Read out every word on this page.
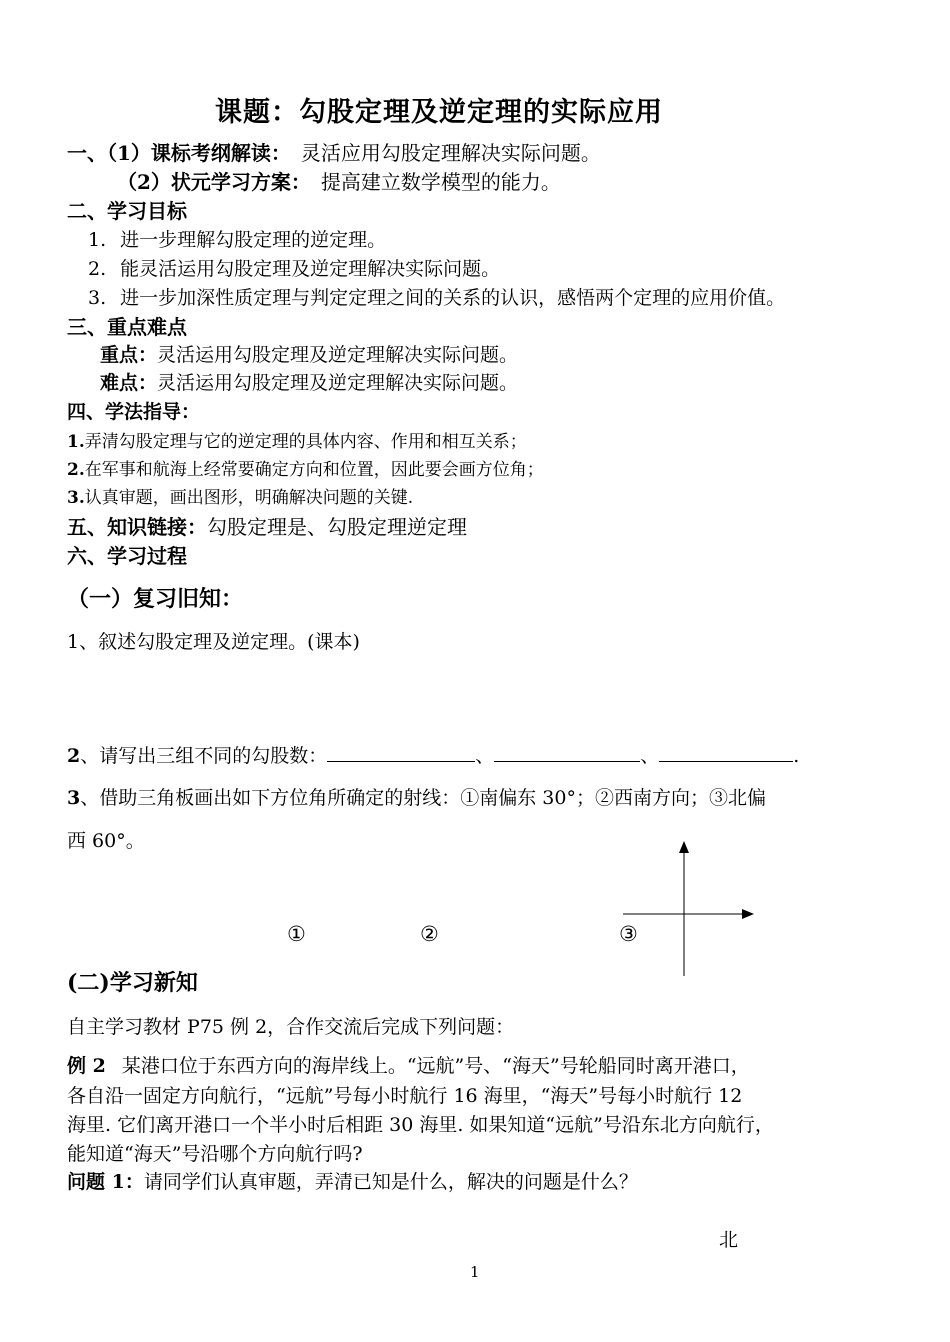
课题：勾股定理及逆定理的实际应用
一、（1）课标考纲解读： 灵活应用勾股定理解决实际问题。
（2）状元学习方案： 提高建立数学模型的能力。
二、学习目标
1. 进一步理解勾股定理的逆定理。
2. 能灵活运用勾股定理及逆定理解决实际问题。
3. 进一步加深性质定理与判定定理之间的关系的认识，感悟两个定理的应用价值。
三、重点难点
重点：灵活运用勾股定理及逆定理解决实际问题。
难点：灵活运用勾股定理及逆定理解决实际问题。
四、学法指导：
1.弄清勾股定理与它的逆定理的具体内容、作用和相互关系；
2.在军事和航海上经常要确定方向和位置，因此要会画方位角；
3.认真审题，画出图形，明确解决问题的关键.
五、知识链接：勾股定理是、勾股定理逆定理
六、学习过程
（一）复习旧知：
1、叙述勾股定理及逆定理。(课本)
2、请写出三组不同的勾股数：	、	、	.
3、借助三角板画出如下方位角所确定的射线：①南偏东 30°；②西南方向；③北偏
西 60°。
①	②	③
(二)学习新知
自主学习教材 P75 例 2，合作交流后完成下列问题：
例 2 某港口位于东西方向的海岸线上。“远航”号、“海天”号轮船同时离开港口，
各自沿一固定方向航行，“远航”号每小时航行 16 海里，“海天”号每小时航行 12
海里. 它们离开港口一个半小时后相距 30 海里. 如果知道“远航”号沿东北方向航行，
能知道“海天”号沿哪个方向航行吗?
问题 1：请同学们认真审题，弄清已知是什么，解决的问题是什么？
北
1
